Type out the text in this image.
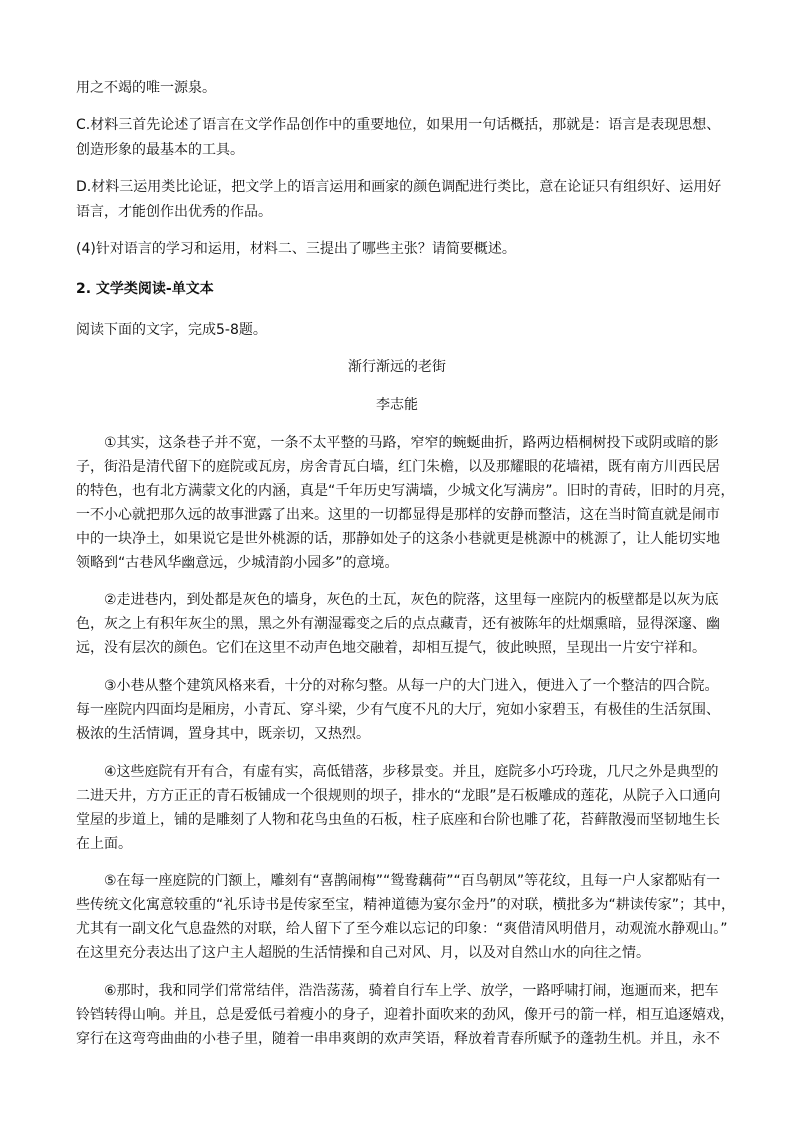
用之不竭的唯一源泉。
C.材料三首先论述了语言在文学作品创作中的重要地位，如果用一句话概括，那就是：语言是表现思想、
创造形象的最基本的工具。
D.材料三运用类比论证，把文学上的语言运用和画家的颜色调配进行类比，意在论证只有组织好、运用好
语言，才能创作出优秀的作品。
(4)针对语言的学习和运用，材料二、三提出了哪些主张？请简要概述。
2. 文学类阅读-单文本
阅读下面的文字，完成5-8题。
渐行渐远的老街
李志能
①其实，这条巷子并不宽，一条不太平整的马路，窄窄的蜿蜒曲折，路两边梧桐树投下或阴或暗的影
子，街沿是清代留下的庭院或瓦房，房舍青瓦白墙，红门朱檐，以及那耀眼的花墙裙，既有南方川西民居
的特色，也有北方满蒙文化的内涵，真是“千年历史写满墙，少城文化写满房”。旧时的青砖，旧时的月亮，
一不小心就把那久远的故事泄露了出来。这里的一切都显得是那样的安静而整洁，这在当时简直就是闹市
中的一块净土，如果说它是世外桃源的话，那静如处子的这条小巷就更是桃源中的桃源了，让人能切实地
领略到“古巷风华幽意远，少城清韵小园多”的意境。
②走进巷内，到处都是灰色的墙身，灰色的土瓦，灰色的院落，这里每一座院内的板壁都是以灰为底
色，灰之上有积年灰尘的黑，黑之外有潮湿霉变之后的点点藏青，还有被陈年的灶烟熏暗，显得深邃、幽
远，没有层次的颜色。它们在这里不动声色地交融着，却相互提气，彼此映照，呈现出一片安宁祥和。
③小巷从整个建筑风格来看，十分的对称匀整。从每一户的大门进入，便进入了一个整洁的四合院。
每一座院内四面均是厢房，小青瓦、穿斗梁，少有气度不凡的大厅，宛如小家碧玉，有极佳的生活氛围、
极浓的生活情调，置身其中，既亲切，又热烈。
④这些庭院有开有合，有虚有实，高低错落，步移景变。并且，庭院多小巧玲珑，几尺之外是典型的
二进天井，方方正正的青石板铺成一个很规则的坝子，排水的“龙眼”是石板雕成的莲花，从院子入口通向
堂屋的步道上，铺的是雕刻了人物和花鸟虫鱼的石板，柱子底座和台阶也雕了花，苔藓散漫而坚韧地生长
在上面。
⑤在每一座庭院的门额上，雕刻有“喜鹊闹梅”“鸳鸯藕荷”“百鸟朝凤”等花纹，且每一户人家都贴有一
些传统文化寓意较重的“礼乐诗书是传家至宝，精神道德为宴尔金丹”的对联，横批多为“耕读传家”；其中，
尤其有一副文化气息盎然的对联，给人留下了至今难以忘记的印象：“爽借清风明借月，动观流水静观山。”
在这里充分表达出了这户主人超脱的生活情操和自己对风、月，以及对自然山水的向往之情。
⑥那时，我和同学们常常结伴，浩浩荡荡，骑着自行车上学、放学，一路呼啸打闹，迤逦而来，把车
铃铛转得山响。并且，总是爱低弓着瘦小的身子，迎着扑面吹来的劲风，像开弓的箭一样，相互追逐嬉戏，
穿行在这弯弯曲曲的小巷子里，随着一串串爽朗的欢声笑语，释放着青春所赋予的蓬勃生机。并且，永不
